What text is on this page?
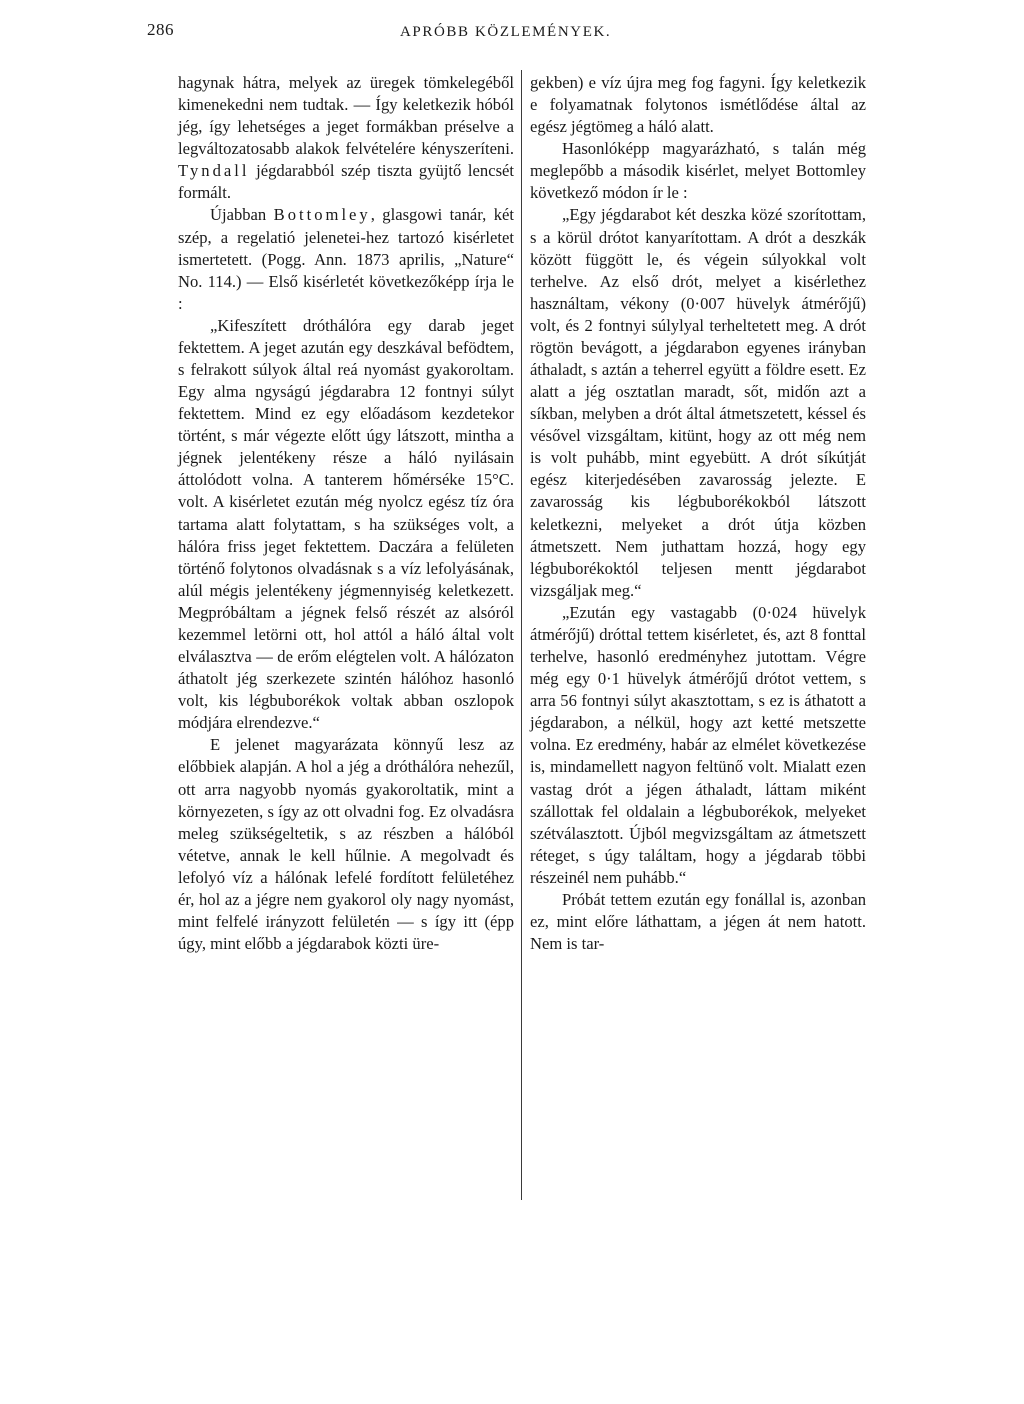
286	APRÓBB KÖZLEMÉNYEK.

hagynak hátra, melyek az üregek tömkelegéből kimenekedni nem tudtak. — Így keletkezik hóból jég, így lehetséges a jeget formákban préselve a legváltozatosabb alakok felvételére kényszeríteni. Tyndall jégdarabból szép tiszta gyüjtő lencsét formált.

Újabban Bottomley, glasgowi tanár, két szép, a regelatió jelenetei-hez tartozó kisérletet ismertetett. (Pogg. Ann. 1873 aprilis, „Nature“ No. 114.) — Első kisérletét következőképp írja le :

„Kifeszített dróthálóra egy darab jeget fektettem. A jeget azután egy deszkával befödtem, s felrakott súlyok által reá nyomást gyakoroltam. Egy alma ngyságú jégdarabra 12 fontnyi súlyt fektettem. Mind ez egy előadásom kezdetekor történt, s már végezte előtt úgy látszott, mintha a jégnek jelentékeny része a háló nyilásain áttolódott volna. A tanterem hőmérséke 15°C. volt. A kisérletet ezután még nyolcz egész tíz óra tartama alatt folytattam, s ha szükséges volt, a hálóra friss jeget fektettem. Daczára a felületen történő folytonos olvadásnak s a víz lefolyásának, alúl mégis jelentékeny jégmennyiség keletkezett. Megpróbáltam a jégnek felső részét az alsóról kezemmel letörni ott, hol attól a háló által volt elválasztva — de erőm elégtelen volt. A hálózaton áthatolt jég szerkezete szintén hálóhoz hasonló volt, kis légbuborékok voltak abban oszlopok módjára elrendezve.“

E jelenet magyarázata könnyű lesz az előbbiek alapján. A hol a jég a dróthálóra nehezűl, ott arra nagyobb nyomás gyakoroltatik, mint a környezeten, s így az ott olvadni fog. Ez olvadásra meleg szükségeltetik, s az részben a hálóból vétetve, annak le kell hűlnie. A megolvadt és lefolyó víz a hálónak lefelé fordított felületéhez ér, hol az a jégre nem gyakorol oly nagy nyomást, mint felfelé irányzott felületén — s így itt (épp úgy, mint előbb a jégdarabok közti üre-

gekben) e víz újra meg fog fagyni. Így keletkezik e folyamatnak folytonos ismétlődése által az egész jégtömeg a háló alatt.

Hasonlóképp magyarázható, s talán még meglepőbb a második kisérlet, melyet Bottomley következő módon ír le :

„Egy jégdarabot két deszka közé szorítottam, s a körül drótot kanyarítottam. A drót a deszkák között függött le, és végein súlyokkal volt terhelve. Az első drót, melyet a kisérlethez használtam, vékony (0·007 hüvelyk átmérőjű) volt, és 2 fontnyi súlylyal terheltetett meg. A drót rögtön bevágott, a jégdarabon egyenes irányban áthaladt, s aztán a teherrel együtt a földre esett. Ez alatt a jég osztatlan maradt, sőt, midőn azt a síkban, melyben a drót által átmetszetett, késsel és vésővel vizsgáltam, kitünt, hogy az ott még nem is volt puhább, mint egyebütt. A drót síkútját egész kiterjedésében zavarosság jelezte. E zavarosság kis légbuborékokból látszott keletkezni, melyeket a drót útja közben átmetszett. Nem juthattam hozzá, hogy egy légbuborékoktól teljesen mentt jégdarabot vizsgáljak meg.“

„Ezután egy vastagabb (0·024 hüvelyk átmérőjű) dróttal tettem kisérletet, és, azt 8 fonttal terhelve, hasonló eredményhez jutottam. Végre még egy 0·1 hüvelyk átmérőjű drótot vettem, s arra 56 fontnyi súlyt akasztottam, s ez is áthatott a jégdarabon, a nélkül, hogy azt ketté metszette volna. Ez eredmény, habár az elmélet következése is, mindamellett nagyon feltünő volt. Mialatt ezen vastag drót a jégen áthaladt, láttam miként szállottak fel oldalain a légbuborékok, melyeket szétválasztott. Újból megvizsgáltam az átmetszett réteget, s úgy találtam, hogy a jégdarab többi részeinél nem puhább.“

Próbát tettem ezután egy fonállal is, azonban ez, mint előre láthattam, a jégen át nem hatott. Nem is tar-
